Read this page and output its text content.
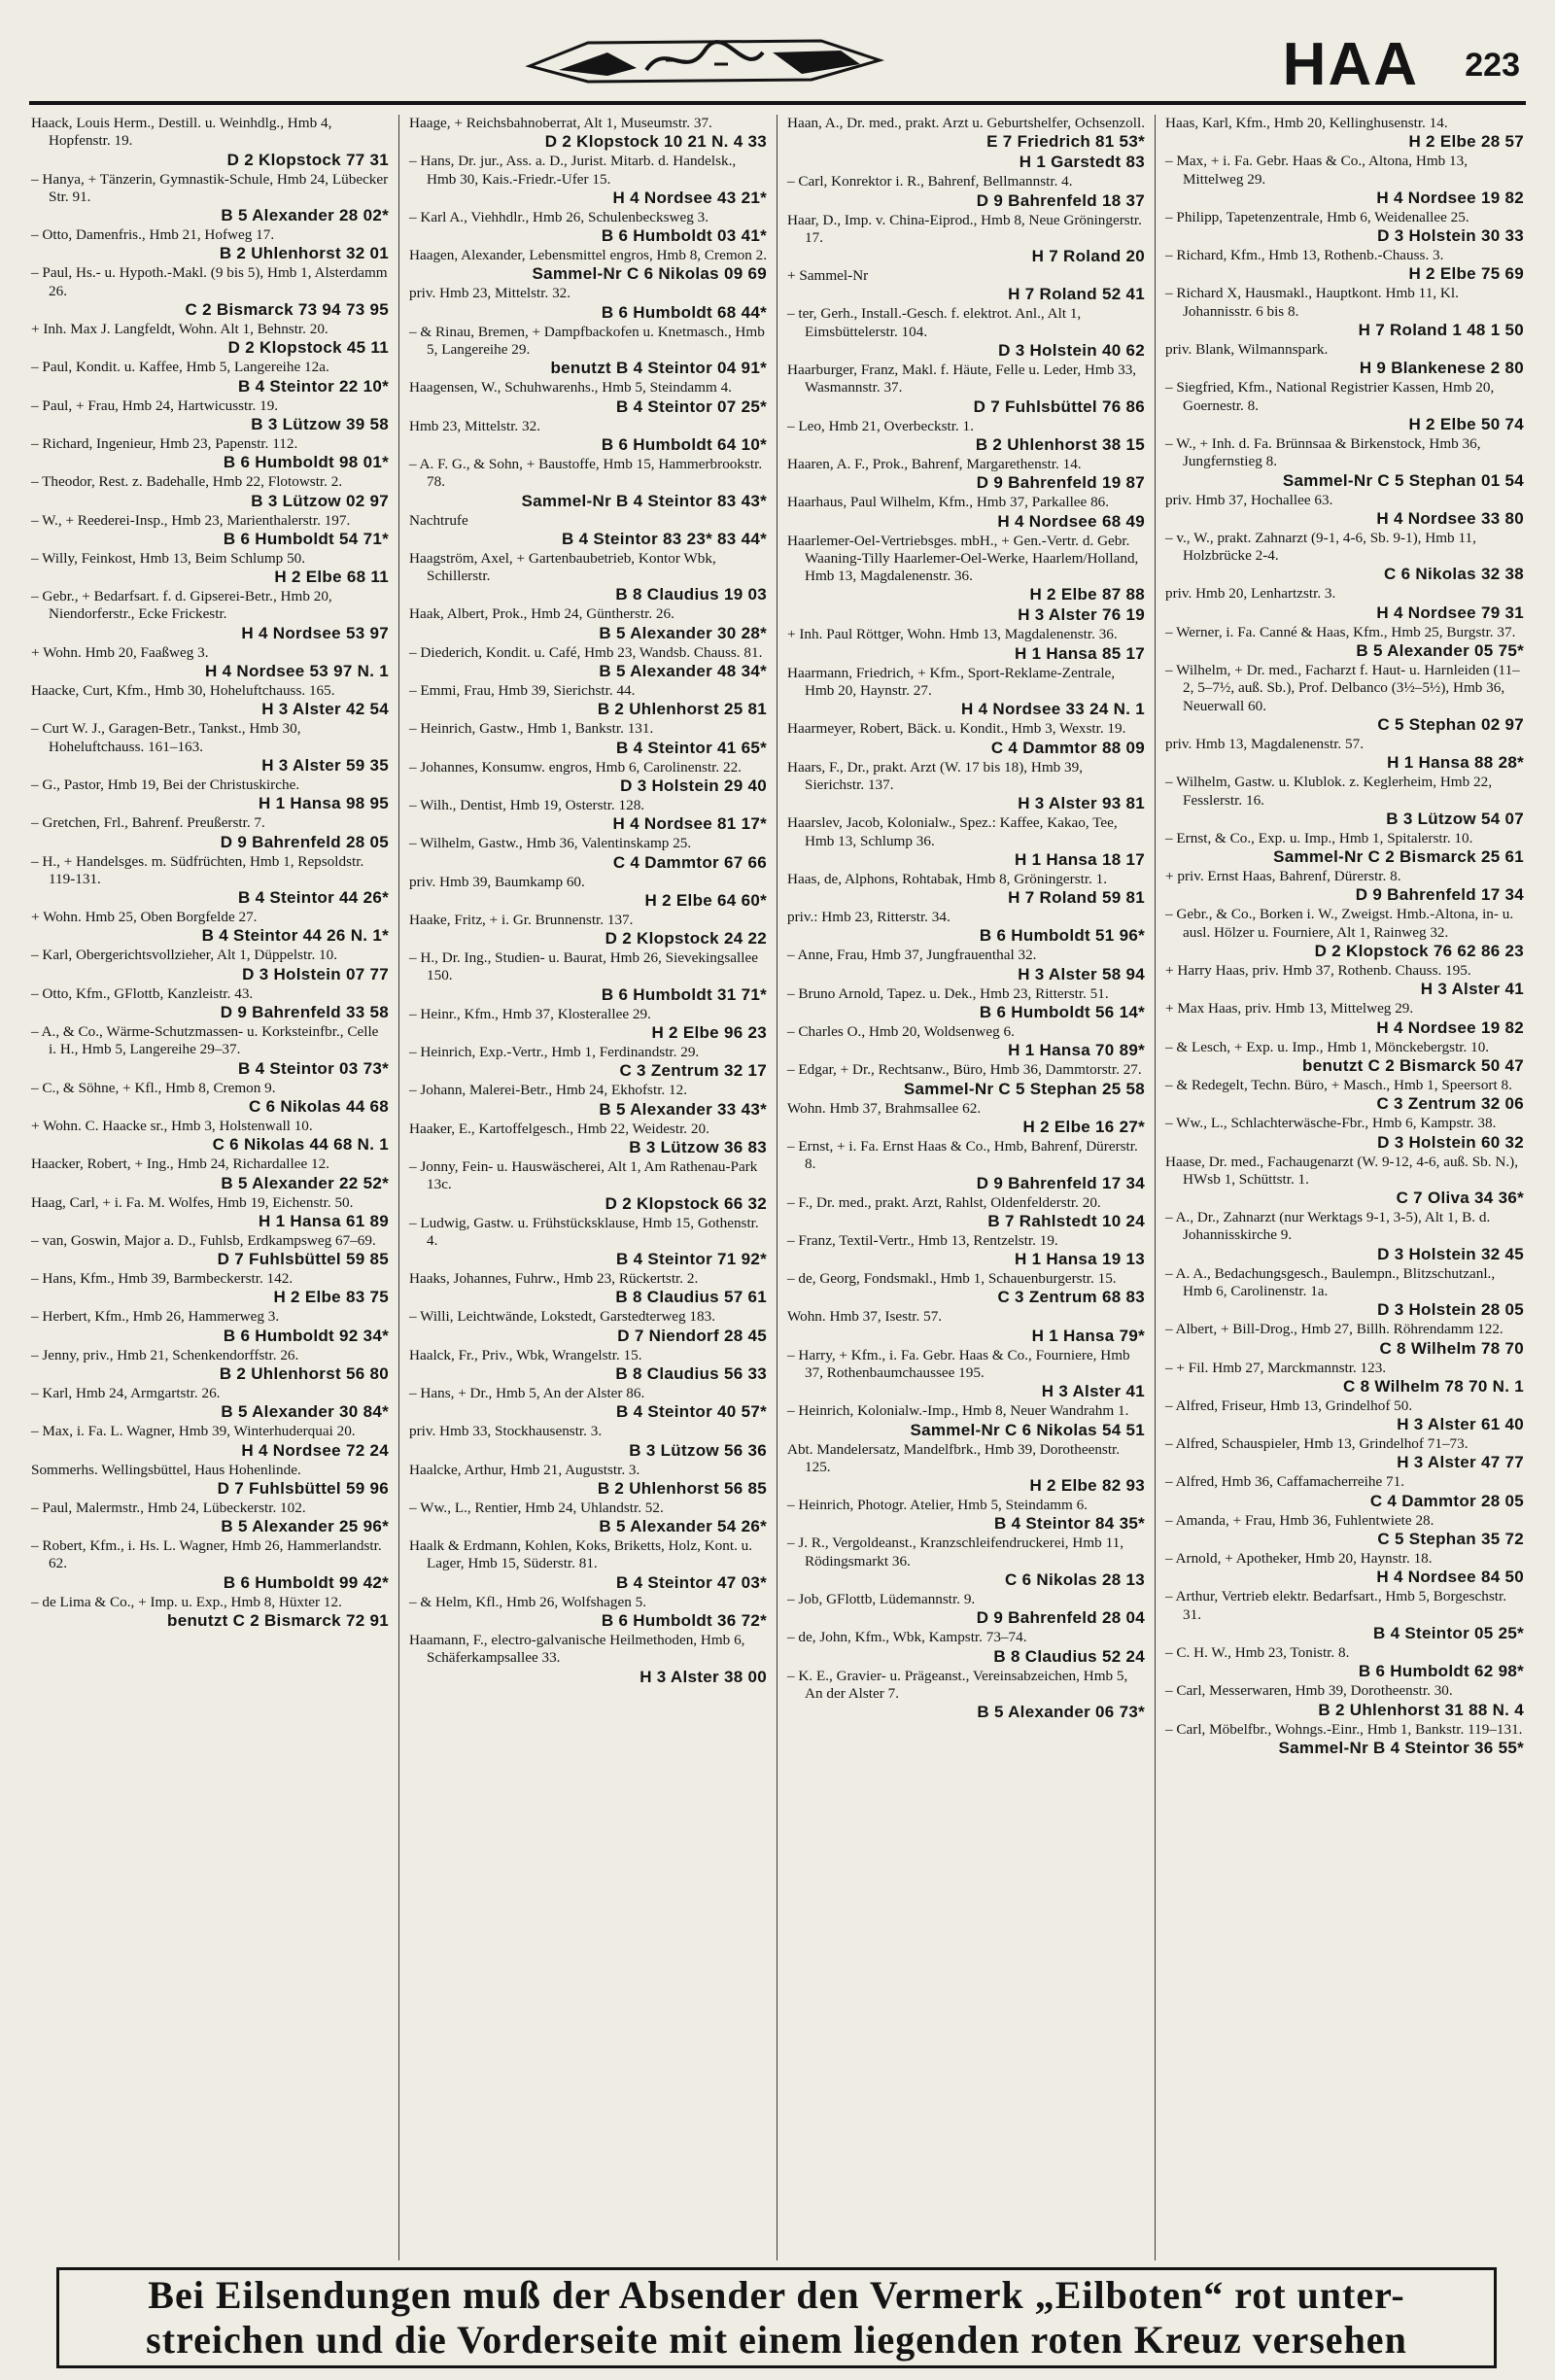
HAA 223
Haack, Louis Herm., Destill. u. Weinhdlg., Hmb 4, Hopfenstr. 19.
D 2 Klopstock 77 31
– Hanya, + Tänzerin, Gymnastik-Schule, Hmb 24, Lübecker Str. 91.
B 5 Alexander 28 02*
– Otto, Damenfris., Hmb 21, Hofweg 17.
B 2 Uhlenhorst 32 01
– Paul, Hs.- u. Hypoth.-Makl. (9 bis 5), Hmb 1, Alsterdamm 26.
C 2 Bismarck 73 94 73 95
+ Inh. Max J. Langfeldt, Wohn. Alt 1, Behnstr. 20.
D 2 Klopstock 45 11
– Paul, Kondit. u. Kaffee, Hmb 5, Langereihe 12a.
B 4 Steintor 22 10*
– Paul, + Frau, Hmb 24, Hartwicusstr. 19.
B 3 Lützow 39 58
– Richard, Ingenieur, Hmb 23, Papenstr. 112.
B 6 Humboldt 98 01*
– Theodor, Rest. z. Badehalle, Hmb 22, Flotowstr. 2.
B 3 Lützow 02 97
– W., + Reederei-Insp., Hmb 23, Marienthalerstr. 197.
B 6 Humboldt 54 71*
– Willy, Feinkost, Hmb 13, Beim Schlump 50.
H 2 Elbe 68 11
– Gebr., + Bedarfsart. f. d. Gipserei-Betr., Hmb 20, Niendorferstr., Ecke Frickestr.
H 4 Nordsee 53 97
+ Wohn. Hmb 20, Faaßweg 3.
H 4 Nordsee 53 97 N. 1
Haacke, Curt, Kfm., Hmb 30, Hoheluftchauss. 165.
H 3 Alster 42 54
– Curt W. J., Garagen-Betr., Tankst., Hmb 30, Hoheluftchauss. 161–163.
H 3 Alster 59 35
– G., Pastor, Hmb 19, Bei der Christuskirche.
H 1 Hansa 98 95
– Gretchen, Frl., Bahrenf. Preußerstr. 7.
D 9 Bahrenfeld 28 05
– H., + Handelsges. m. Südfrüchten, Hmb 1, Repsoldstr. 119-131.
B 4 Steintor 44 26*
+ Wohn. Hmb 25, Oben Borgfelde 27.
B 4 Steintor 44 26 N. 1*
– Karl, Obergerichtsvollzieher, Alt 1, Düppelstr. 10.
D 3 Holstein 07 77
– Otto, Kfm., GFlottb, Kanzleistr. 43.
D 9 Bahrenfeld 33 58
– A., & Co., Wärme-Schutzmassen- u. Korksteinfbr., Celle i. H., Hmb 5, Langereihe 29–37.
B 4 Steintor 03 73*
– C., & Söhne, + Kfl., Hmb 8, Cremon 9.
C 6 Nikolas 44 68
+ Wohn. C. Haacke sr., Hmb 3, Holstenwall 10.
C 6 Nikolas 44 68 N. 1
Haacker, Robert, + Ing., Hmb 24, Richardallee 12.
B 5 Alexander 22 52*
Haag, Carl, + i. Fa. M. Wolfes, Hmb 19, Eichenstr. 50.
H 1 Hansa 61 89
– van, Goswin, Major a. D., Fuhlsb, Erdkampsweg 67–69.
D 7 Fuhlsbüttel 59 85
– Hans, Kfm., Hmb 39, Barmbeckerstr. 142.
H 2 Elbe 83 75
– Herbert, Kfm., Hmb 26, Hammerweg 3.
B 6 Humboldt 92 34*
– Jenny, priv., Hmb 21, Schenkendorffstr. 26.
B 2 Uhlenhorst 56 80
– Karl, Hmb 24, Armgartstr. 26.
B 5 Alexander 30 84*
– Max, i. Fa. L. Wagner, Hmb 39, Winterhuderquai 20.
H 4 Nordsee 72 24
Sommerhs. Wellingsbüttel, Haus Hohenlinde.
D 7 Fuhlsbüttel 59 96
– Paul, Malermstr., Hmb 24, Lübeckerstr. 102.
B 5 Alexander 25 96*
– Robert, Kfm., i. Hs. L. Wagner, Hmb 26, Hammerlandstr. 62.
B 6 Humboldt 99 42*
– de Lima & Co., + Imp. u. Exp., Hmb 8, Hüxter 12.
benutzt C 2 Bismarck 72 91
Haage, + Reichsbahnoberrat, Alt 1, Museumstr. 37.
D 2 Klopstock 10 21 N. 4 33
– Hans, Dr. jur., Ass. a. D., Jurist. Mitarb. d. Handelsk., Hmb 30, Kais.-Friedr.-Ufer 15.
H 4 Nordsee 43 21*
– Karl A., Viehhdlr., Hmb 26, Schulenbecksweg 3.
B 6 Humboldt 03 41*
Haagen, Alexander, Lebensmittel engros, Hmb 8, Cremon 2.
Sammel-Nr C 6 Nikolas 09 69
priv. Hmb 23, Mittelstr. 32.
B 6 Humboldt 68 44*
– & Rinau, Bremen, + Dampfbackofen u. Knetmasch., Hmb 5, Langereihe 29.
benutzt B 4 Steintor 04 91*
Haagensen, W., Schuhwarenhs., Hmb 5, Steindamm 4.
B 4 Steintor 07 25*
Hmb 23, Mittelstr. 32.
B 6 Humboldt 64 10*
– A. F. G., & Sohn, + Baustoffe, Hmb 15, Hammerbrookstr. 78.
Sammel-Nr B 4 Steintor 83 43*
Nachtrufe
B 4 Steintor 83 23* 83 44*
Haagström, Axel, + Gartenbaubetrieb, Kontor Wbk, Schillerstr.
B 8 Claudius 19 03
Haak, Albert, Prok., Hmb 24, Güntherstr. 26.
B 5 Alexander 30 28*
– Diederich, Kondit. u. Café, Hmb 23, Wandsb. Chauss. 81.
B 5 Alexander 48 34*
– Emmi, Frau, Hmb 39, Sierichstr. 44.
B 2 Uhlenhorst 25 81
– Heinrich, Gastw., Hmb 1, Bankstr. 131.
B 4 Steintor 41 65*
– Johannes, Konsumw. engros, Hmb 6, Carolinenstr. 22.
D 3 Holstein 29 40
– Wilh., Dentist, Hmb 19, Osterstr. 128.
H 4 Nordsee 81 17*
– Wilhelm, Gastw., Hmb 36, Valentinskamp 25.
C 4 Dammtor 67 66
priv. Hmb 39, Baumkamp 60.
H 2 Elbe 64 60*
Haake, Fritz, + i. Gr. Brunnenstr. 137.
D 2 Klopstock 24 22
– H., Dr. Ing., Studien- u. Baurat, Hmb 26, Sievekingsallee 150.
B 6 Humboldt 31 71*
– Heinr., Kfm., Hmb 37, Klosterallee 29.
H 2 Elbe 96 23
– Heinrich, Exp.-Vertr., Hmb 1, Ferdinandstr. 29.
C 3 Zentrum 32 17
– Johann, Malerei-Betr., Hmb 24, Ekhofstr. 12.
B 5 Alexander 33 43*
Haaker, E., Kartoffelgesch., Hmb 22, Weidestr. 20.
B 3 Lützow 36 83
– Jonny, Fein- u. Hauswäscherei, Alt 1, Am Rathenau-Park 13c.
D 2 Klopstock 66 32
– Ludwig, Gastw. u. Frühstücksklause, Hmb 15, Gothenstr. 4.
B 4 Steintor 71 92*
Haaks, Johannes, Fuhrw., Hmb 23, Rückertstr. 2.
B 8 Claudius 57 61
– Willi, Leichtwände, Lokstedt, Garstedterweg 183.
D 7 Niendorf 28 45
Haalck, Fr., Priv., Wbk, Wrangelstr. 15.
B 8 Claudius 56 33
– Hans, + Dr., Hmb 5, An der Alster 86.
B 4 Steintor 40 57*
priv. Hmb 33, Stockhausenstr. 3.
B 3 Lützow 56 36
Haalcke, Arthur, Hmb 21, Auguststr. 3.
B 2 Uhlenhorst 56 85
– Ww., L., Rentier, Hmb 24, Uhlandstr. 52.
B 5 Alexander 54 26*
Haalk & Erdmann, Kohlen, Koks, Briketts, Holz, Kont. u. Lager, Hmb 15, Süderstr. 81.
B 4 Steintor 47 03*
– & Helm, Kfl., Hmb 26, Wolfshagen 5.
B 6 Humboldt 36 72*
Haamann, F., electro-galvanische Heilmethoden, Hmb 6, Schäferkampsallee 33.
H 3 Alster 38 00
Haan, A., Dr. med., prakt. Arzt u. Geburtshelfer, Ochsenzoll.
E 7 Friedrich 81 53*
H 1 Garstedt 83
– Carl, Konrektor i. R., Bahrenf, Bellmannstr. 4.
D 9 Bahrenfeld 18 37
Haar, D., Imp. v. China-Eiprod., Hmb 8, Neue Gröningerstr. 17.
H 7 Roland 20
+ Sammel-Nr
H 7 Roland 52 41
– ter, Gerh., Install.-Gesch. f. elektrot. Anl., Alt 1, Eimsbüttelerstr. 104.
D 3 Holstein 40 62
Haarburger, Franz, Makl. f. Häute, Felle u. Leder, Hmb 33, Wasmannstr. 37.
D 7 Fuhlsbüttel 76 86
– Leo, Hmb 21, Overbeckstr. 1.
B 2 Uhlenhorst 38 15
Haaren, A. F., Prok., Bahrenf, Margarethenstr. 14.
D 9 Bahrenfeld 19 87
Haarhaus, Paul Wilhelm, Kfm., Hmb 37, Parkallee 86.
H 4 Nordsee 68 49
Haarlemer-Oel-Vertriebsges. mbH., + Gen.-Vertr. d. Gebr. Waaning-Tilly Haarlemer-Oel-Werke, Haarlem/Holland, Hmb 13, Magdalenenstr. 36.
H 2 Elbe 87 88
H 3 Alster 76 19
+ Inh. Paul Röttger, Wohn. Hmb 13, Magdalenenstr. 36.
H 1 Hansa 85 17
Haarmann, Friedrich, + Kfm., Sport-Reklame-Zentrale, Hmb 20, Haynstr. 27.
H 4 Nordsee 33 24 N. 1
Haarmeyer, Robert, Bäck. u. Kondit., Hmb 3, Wexstr. 19.
C 4 Dammtor 88 09
Haars, F., Dr., prakt. Arzt (W. 17 bis 18), Hmb 39, Sierichstr. 137.
H 3 Alster 93 81
Haarslev, Jacob, Kolonialw., Spez.: Kaffee, Kakao, Tee, Hmb 13, Schlump 36.
H 1 Hansa 18 17
Haas, de, Alphons, Rohtabak, Hmb 8, Gröningerstr. 1.
H 7 Roland 59 81
priv.: Hmb 23, Ritterstr. 34.
B 6 Humboldt 51 96*
– Anne, Frau, Hmb 37, Jungfrauenthal 32.
H 3 Alster 58 94
– Bruno Arnold, Tapez. u. Dek., Hmb 23, Ritterstr. 51.
B 6 Humboldt 56 14*
– Charles O., Hmb 20, Woldsenweg 6.
H 1 Hansa 70 89*
– Edgar, + Dr., Rechtsanw., Büro, Hmb 36, Dammtorstr. 27.
Sammel-Nr C 5 Stephan 25 58
Wohn. Hmb 37, Brahmsallee 62.
H 2 Elbe 16 27*
– Ernst, + i. Fa. Ernst Haas & Co., Hmb, Bahrenf, Dürerstr. 8.
D 9 Bahrenfeld 17 34
– F., Dr. med., prakt. Arzt, Rahlst, Oldenfelderstr. 20.
B 7 Rahlstedt 10 24
– Franz, Textil-Vertr., Hmb 13, Rentzelstr. 19.
H 1 Hansa 19 13
– de, Georg, Fondsmakl., Hmb 1, Schauenburgerstr. 15.
C 3 Zentrum 68 83
Wohn. Hmb 37, Isestr. 57.
H 1 Hansa 79*
– Harry, + Kfm., i. Fa. Gebr. Haas & Co., Fourniere, Hmb 37, Rothenbaumchaussee 195.
H 3 Alster 41
– Heinrich, Kolonialw.-Imp., Hmb 8, Neuer Wandrahm 1.
Sammel-Nr C 6 Nikolas 54 51
Abt. Mandelersatz, Mandelfbrk., Hmb 39, Dorotheenstr. 125.
H 2 Elbe 82 93
– Heinrich, Photogr. Atelier, Hmb 5, Steindamm 6.
B 4 Steintor 84 35*
– J. R., Vergoldeanst., Kranzschleifendruckerei, Hmb 11, Rödingsmarkt 36.
C 6 Nikolas 28 13
– Job, GFlottb, Lüdemannstr. 9.
D 9 Bahrenfeld 28 04
– de, John, Kfm., Wbk, Kampstr. 73–74.
B 8 Claudius 52 24
– K. E., Gravier- u. Prägeanst., Vereinsabzeichen, Hmb 5, An der Alster 7.
B 5 Alexander 06 73*
Haas, Karl, Kfm., Hmb 20, Kellinghusenstr. 14.
H 2 Elbe 28 57
– Max, + i. Fa. Gebr. Haas & Co., Altona, Hmb 13, Mittelweg 29.
H 4 Nordsee 19 82
– Philipp, Tapetenzentrale, Hmb 6, Weidenallee 25.
D 3 Holstein 30 33
– Richard, Kfm., Hmb 13, Rothenb.-Chauss. 3.
H 2 Elbe 75 69
– Richard X, Hausmakl., Hauptkont. Hmb 11, Kl. Johannisstr. 6 bis 8.
H 7 Roland 1 48 1 50
priv. Blank, Wilmannspark.
H 9 Blankenese 2 80
– Siegfried, Kfm., National Registrier Kassen, Hmb 20, Goernestr. 8.
H 2 Elbe 50 74
– W., + Inh. d. Fa. Brünnsaa & Birkenstock, Hmb 36, Jungfernstieg 8.
Sammel-Nr C 5 Stephan 01 54
priv. Hmb 37, Hochallee 63.
H 4 Nordsee 33 80
– v., W., prakt. Zahnarzt (9-1, 4-6, Sb. 9-1), Hmb 11, Holzbrücke 2-4.
C 6 Nikolas 32 38
priv. Hmb 20, Lenhartzstr. 3.
H 4 Nordsee 79 31
– Werner, i. Fa. Canné & Haas, Kfm., Hmb 25, Burgstr. 37.
B 5 Alexander 05 75*
– Wilhelm, + Dr. med., Facharzt f. Haut- u. Harnleiden (11–2, 5–7½, auß. Sb.), Prof. Delbanco (3½–5½), Hmb 36, Neuerwall 60.
C 5 Stephan 02 97
priv. Hmb 13, Magdalenenstr. 57.
H 1 Hansa 88 28*
– Wilhelm, Gastw. u. Klublok. z. Keglerheim, Hmb 22, Fesslerstr. 16.
B 3 Lützow 54 07
– Ernst, & Co., Exp. u. Imp., Hmb 1, Spitalerstr. 10.
Sammel-Nr C 2 Bismarck 25 61
+ priv. Ernst Haas, Bahrenf, Dürerstr. 8.
D 9 Bahrenfeld 17 34
– Gebr., & Co., Borken i. W., Zweigst. Hmb.-Altona, in- u. ausl. Hölzer u. Fourniere, Alt 1, Rainweg 32.
D 2 Klopstock 76 62 86 23
+ Harry Haas, priv. Hmb 37, Rothenb. Chauss. 195.
H 3 Alster 41
+ Max Haas, priv. Hmb 13, Mittelweg 29.
H 4 Nordsee 19 82
– & Lesch, + Exp. u. Imp., Hmb 1, Mönckebergstr. 10.
benutzt C 2 Bismarck 50 47
– & Redegelt, Techn. Büro, + Masch., Hmb 1, Speersort 8.
C 3 Zentrum 32 06
– Ww., L., Schlachterwäsche-Fbr., Hmb 6, Kampstr. 38.
D 3 Holstein 60 32
Haase, Dr. med., Fachaugenarzt (W. 9-12, 4-6, auß. Sb. N.), HWsb 1, Schüttstr. 1.
C 7 Oliva 34 36*
– A., Dr., Zahnarzt (nur Werktags 9-1, 3-5), Alt 1, B. d. Johannisskirche 9.
D 3 Holstein 32 45
– A. A., Bedachungsgesch., Baulempn., Blitzschutzanl., Hmb 6, Carolinenstr. 1a.
D 3 Holstein 28 05
– Albert, + Bill-Drog., Hmb 27, Billh. Röhrendamm 122.
C 8 Wilhelm 78 70
– + Fil. Hmb 27, Marckmannstr. 123.
C 8 Wilhelm 78 70 N. 1
– Alfred, Friseur, Hmb 13, Grindelhof 50.
H 3 Alster 61 40
– Alfred, Schauspieler, Hmb 13, Grindelhof 71–73.
H 3 Alster 47 77
– Alfred, Hmb 36, Caffamacherreihe 71.
C 4 Dammtor 28 05
– Amanda, + Frau, Hmb 36, Fuhlentwiete 28.
C 5 Stephan 35 72
– Arnold, + Apotheker, Hmb 20, Haynstr. 18.
H 4 Nordsee 84 50
– Arthur, Vertrieb elektr. Bedarfsart., Hmb 5, Borgeschstr. 31.
B 4 Steintor 05 25*
– C. H. W., Hmb 23, Tonistr. 8.
B 6 Humboldt 62 98*
– Carl, Messerwaren, Hmb 39, Dorotheenstr. 30.
B 2 Uhlenhorst 31 88 N. 4
– Carl, Möbelfbr., Wohngs.-Einr., Hmb 1, Bankstr. 119–131.
Sammel-Nr B 4 Steintor 36 55*
Bei Eilsendungen muß der Absender den Vermerk „Eilboten“ rot unter-
streichen und die Vorderseite mit einem liegenden roten Kreuz versehen
